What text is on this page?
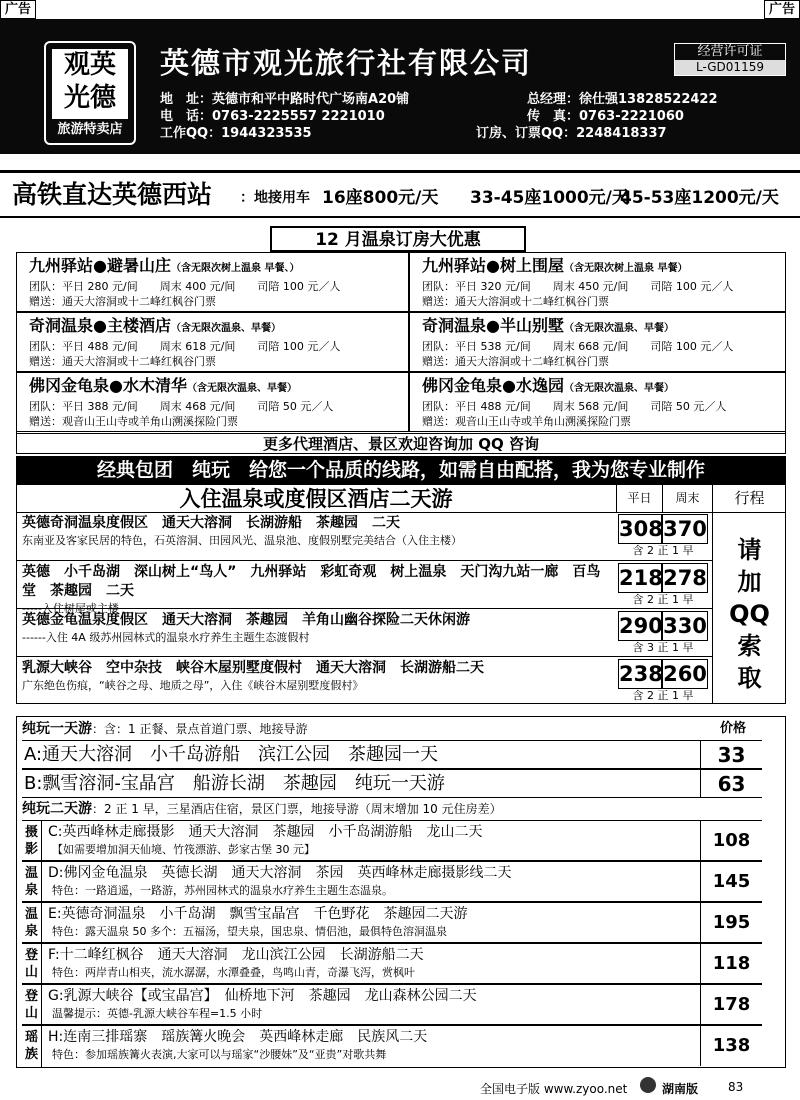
广告	广告
观英
光德
旅游特卖店
英德市观光旅行社有限公司	经营许可证
L-GD01159
地　址：英德市和平中路时代广场南A20铺
电　话：0763-2225557 2221010
工作QQ：1944323535
总经理：徐仕强13828522422
传　真：0763-2221060
订房、订票QQ：2248418337
高铁直达英德西站 ：地接用车 16座800元/天 33-45座1000元/天
45-53座1200元/天
12 月温泉订房大优惠
九州驿站●避暑山庄（含无限次树上温泉 早餐、）
团队：平日 280 元/间　　周末 400 元/间　　司陪 100 元／人
赠送：通天大溶洞或十二峰红枫谷门票
九州驿站●树上围屋（含无限次树上温泉 早餐）
团队：平日 320 元/间　　周末 450 元/间　　司陪 100 元／人
赠送：通天大溶洞或十二峰红枫谷门票
奇洞温泉●主楼酒店（含无限次温泉、早餐）
团队：平日 488 元/间　　周末 618 元/间　　司陪 100 元／人
赠送：通天大溶洞或十二峰红枫谷门票
奇洞温泉●半山别墅（含无限次温泉、早餐）
团队：平日 538 元/间　　周末 668 元/间　　司陪 100 元／人
赠送：通天大溶洞或十二峰红枫谷门票
佛冈金龟泉●水木清华（含无限次温泉、早餐）
团队：平日 388 元/间　　周末 468 元/间　　司陪 50 元／人
赠送：观音山王山寺或羊角山溯溪探险门票
佛冈金龟泉●水逸园（含无限次温泉、早餐）
团队：平日 488 元/间　　周末 568 元/间　　司陪 50 元／人
赠送：观音山王山寺或羊角山溯溪探险门票
更多代理酒店、景区欢迎咨询加 QQ 咨询
经典包团　纯玩　给您一个品质的线路，如需自由配搭，我为您专业制作
入住温泉或度假区酒店二天游	平日	周末	行程
请
加
QQ
索
取
英德奇洞温泉度假区　通天大溶洞　长湖游船　茶趣园　二天
东南亚及客家民居的特色，石英溶洞、田园风光、温泉池、度假别墅完美结合（入住主楼）	308 370
含 2 正 1 早
英德　小千岛湖　深山树上“鸟人”　九州驿站　彩虹奇观　树上温泉　天门沟九站一廊　百鸟堂　茶趣园　二天
-----入住树屋或主楼
218 278
含 2 正 1 早
英德金龟温泉度假区　通天大溶洞　茶趣园　羊角山幽谷探险二天休闲游
------入住 4A 级苏州园林式的温泉水疗养生主题生态渡假村	290 330
含 3 正 1 早
乳源大峡谷　空中杂技　峡谷木屋别墅度假村　通天大溶洞　长湖游船二天
广东绝色伤痕，“峡谷之母、地质之母”，入住《峡谷木屋别墅度假村》	238 260
含 2 正 1 早
纯玩一天游：含：1 正餐、景点首道门票、地接导游	价格
A:通天大溶洞　小千岛游船　滨江公园　茶趣园一天	33
B:飘雪溶洞-宝晶宫　船游长湖　茶趣园　纯玩一天游	63
纯玩二天游：2 正 1 早，三星酒店住宿，景区门票，地接导游（周末增加 10 元住房差）
摄影
C:英西峰林走廊摄影　通天大溶洞　茶趣园　小千岛湖游船　龙山二天
【如需要增加洞天仙境、竹筏漂游、彭家古堡 30 元】	108
温泉
D:佛冈金龟温泉　英德长湖　通天大溶洞　茶园　英西峰林走廊摄影线二天
特色：一路逍遥，一路游，苏州园林式的温泉水疗养生主题生态温泉。	145
温泉
E:英德奇洞温泉　小千岛湖　飘雪宝晶宫　千色野花　茶趣园二天游
特色：露天温泉 50 多个：五福汤，望夫泉，国忠泉、情侣池，最俱特色溶洞温泉	195
登山
F:十二峰红枫谷　通天大溶洞　龙山滨江公园　长湖游船二天
特色：两岸青山相夹，流水潺潺，水潭叠叠，鸟鸣山青，奇瀑飞泻，赏枫叶	118
登山
G:乳源大峡谷【或宝晶宫】　仙桥地下河　茶趣园　龙山森林公园二天
温馨提示：英德-乳源大峡谷车程=1.5 小时	178
瑶族
H:连南三排瑶寨　瑶族篝火晚会　英西峰林走廊　民族风二天
特色：参加瑶族篝火表演,大家可以与瑶家“沙腰妹”及“亚贵”对歌共舞	138
全国电子版 www.zyoo.net	湖南版 83
